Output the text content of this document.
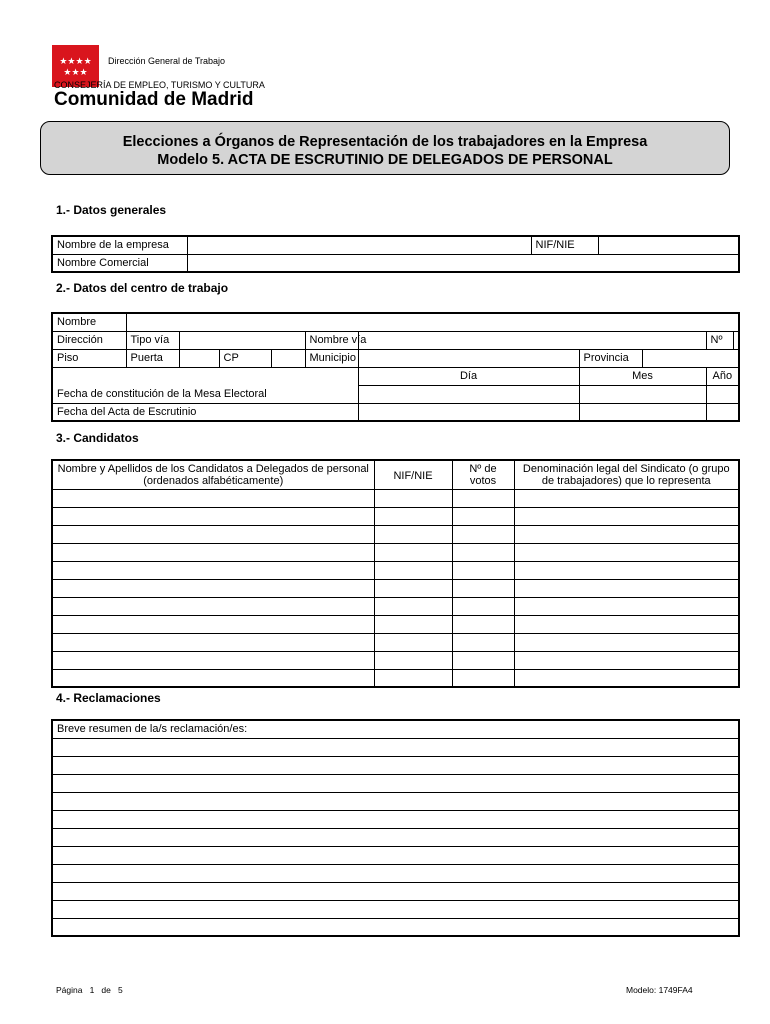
★★★★
★★★
Dirección General de Trabajo
CONSEJERÍA DE EMPLEO, TURISMO Y CULTURA
Comunidad de Madrid
Elecciones a Órganos de Representación de los trabajadores en la Empresa
Modelo 5. ACTA DE ESCRUTINIO DE DELEGADOS DE PERSONAL
1.- Datos generales
Nombre de la empresa		NIF/NIE	
Nombre Comercial			
2.- Datos del centro de trabajo
Nombre										
Dirección	Tipo vía				Nombre vía				Nº	
Piso	Puerta		CP		Municipio		Provincia			
						Día	Mes		Año	
Fecha de constitución de la Mesa Electoral										
Fecha del Acta de Escrutinio										
3.- Candidatos
Nombre y Apellidos de los Candidatos a Delegados de personal (ordenados alfabéticamente)	NIF/NIE	Nº de votos	Denominación legal del Sindicato (o grupo de trabajadores) que lo representa

4.- Reclamaciones
Breve resumen de la/s reclamación/es:

Página 1 de 5	Modelo: 1749FA4
